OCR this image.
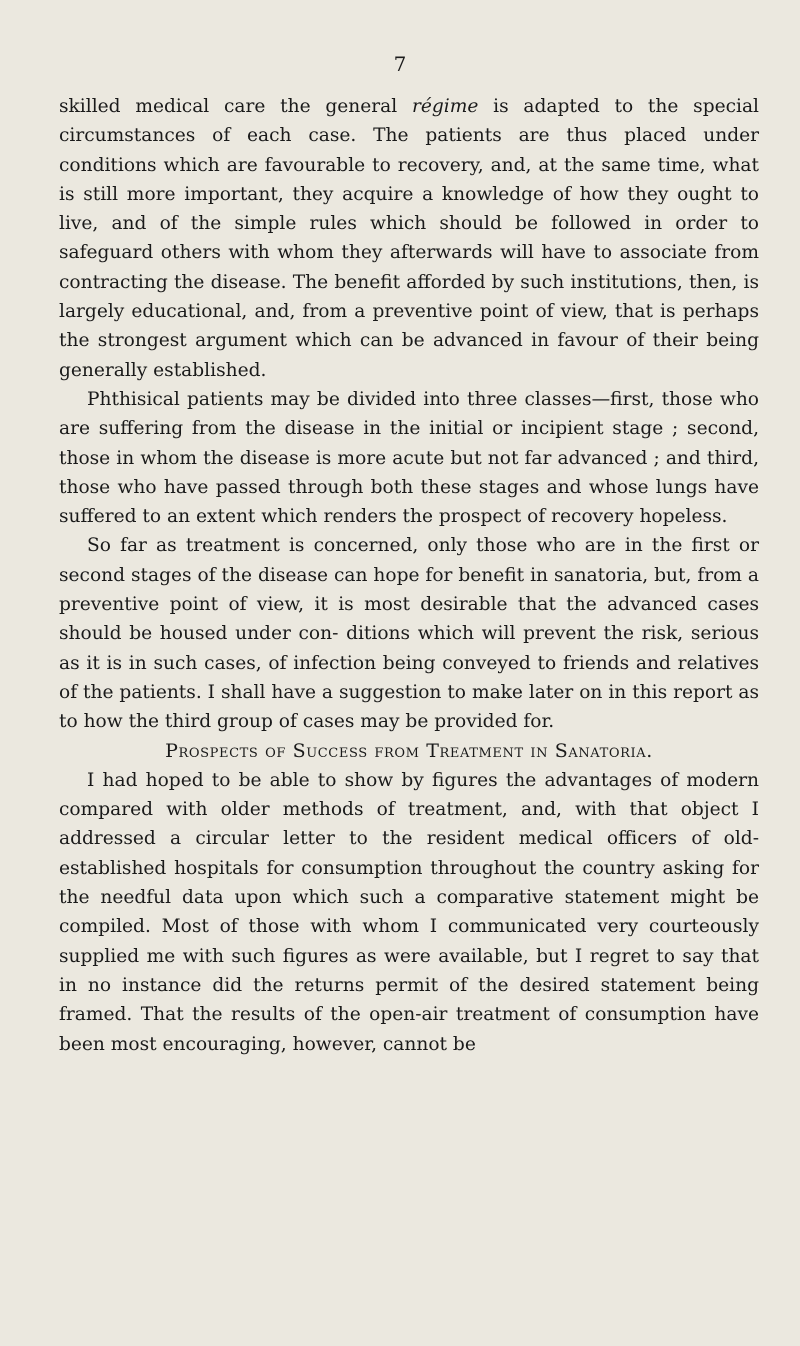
7

skilled medical care the general régime is adapted to the special circumstances of each case. The patients are thus placed under conditions which are favourable to recovery, and, at the same time, what is still more important, they acquire a knowledge of how they ought to live, and of the simple rules which should be followed in order to safeguard others with whom they afterwards will have to associate from contracting the disease. The benefit afforded by such institutions, then, is largely educational, and, from a preventive point of view, that is perhaps the strongest argument which can be advanced in favour of their being generally established.

Phthisical patients may be divided into three classes—first, those who are suffering from the disease in the initial or incipient stage ; second, those in whom the disease is more acute but not far advanced ; and third, those who have passed through both these stages and whose lungs have suffered to an extent which renders the prospect of recovery hopeless.

So far as treatment is concerned, only those who are in the first or second stages of the disease can hope for benefit in sanatoria, but, from a preventive point of view, it is most desirable that the advanced cases should be housed under con- ditions which will prevent the risk, serious as it is in such cases, of infection being conveyed to friends and relatives of the patients. I shall have a suggestion to make later on in this report as to how the third group of cases may be provided for.

Prospects of Success from Treatment in Sanatoria.

I had hoped to be able to show by figures the advantages of modern compared with older methods of treatment, and, with that object I addressed a circular letter to the resident medical officers of old-established hospitals for consumption throughout the country asking for the needful data upon which such a comparative statement might be compiled. Most of those with whom I communicated very courteously supplied me with such figures as were available, but I regret to say that in no instance did the returns permit of the desired statement being framed. That the results of the open-air treatment of consumption have been most encouraging, however, cannot be
